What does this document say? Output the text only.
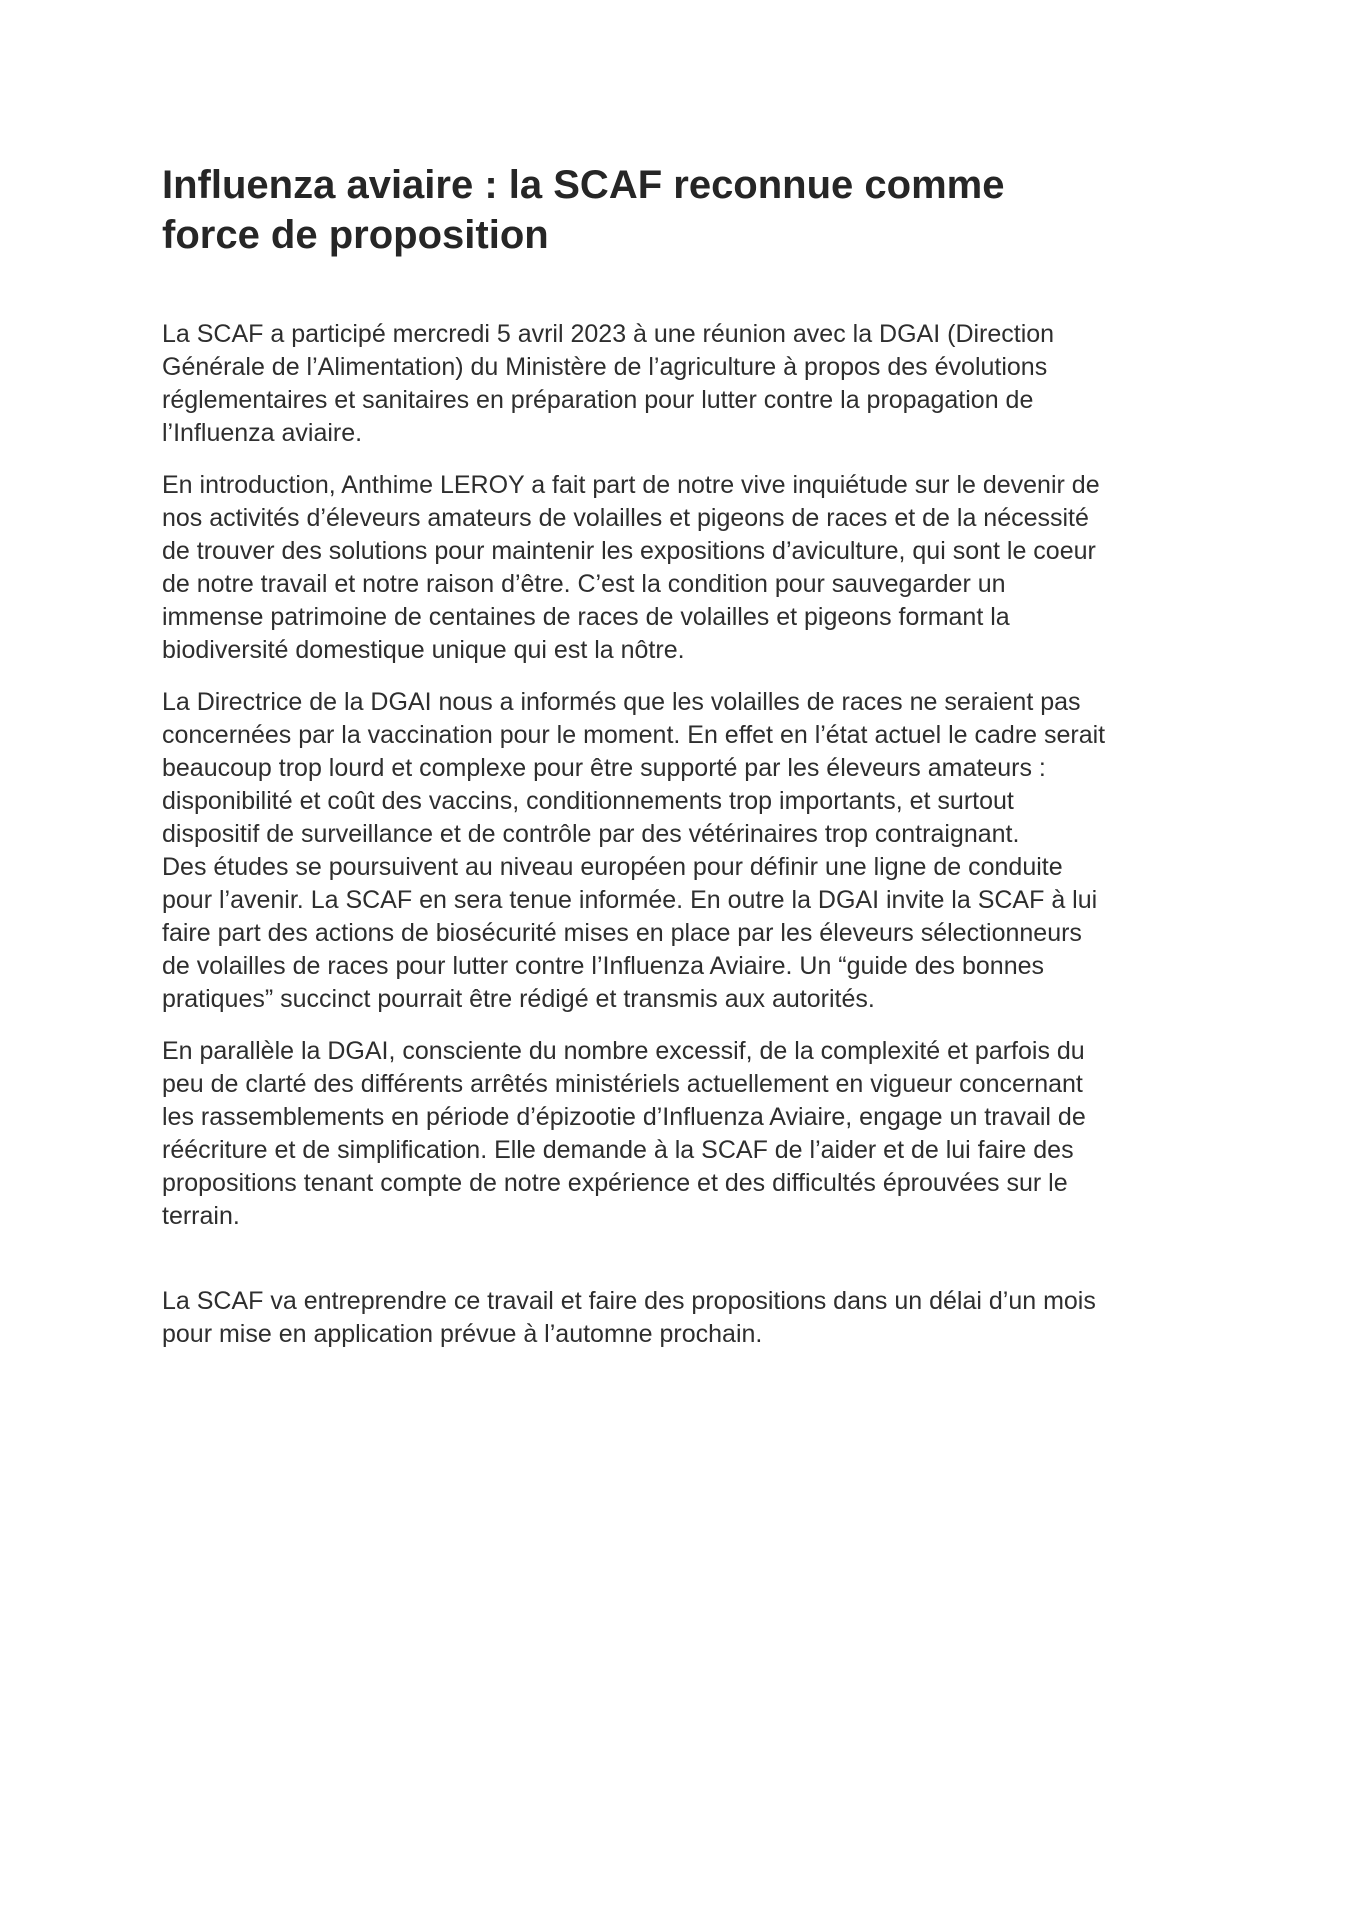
Influenza aviaire : la SCAF reconnue comme
force de proposition

La SCAF a participé mercredi 5 avril 2023 à une réunion avec la DGAI (Direction
Générale de l’Alimentation) du Ministère de l’agriculture à propos des évolutions
réglementaires et sanitaires en préparation pour lutter contre la propagation de
l’Influenza aviaire.

En introduction, Anthime LEROY a fait part de notre vive inquiétude sur le devenir de
nos activités d’éleveurs amateurs de volailles et pigeons de races et de la nécessité
de trouver des solutions pour maintenir les expositions d’aviculture, qui sont le coeur
de notre travail et notre raison d’être. C’est la condition pour sauvegarder un
immense patrimoine de centaines de races de volailles et pigeons formant la
biodiversité domestique unique qui est la nôtre.

La Directrice de la DGAI nous a informés que les volailles de races ne seraient pas
concernées par la vaccination pour le moment. En effet en l’état actuel le cadre serait
beaucoup trop lourd et complexe pour être supporté par les éleveurs amateurs :
disponibilité et coût des vaccins, conditionnements trop importants, et surtout
dispositif de surveillance et de contrôle par des vétérinaires trop contraignant.

Des études se poursuivent au niveau européen pour définir une ligne de conduite
pour l’avenir. La SCAF en sera tenue informée. En outre la DGAI invite la SCAF à lui
faire part des actions de biosécurité mises en place par les éleveurs sélectionneurs
de volailles de races pour lutter contre l’Influenza Aviaire. Un “guide des bonnes
pratiques” succinct pourrait être rédigé et transmis aux autorités.

En parallèle la DGAI, consciente du nombre excessif, de la complexité et parfois du
peu de clarté des différents arrêtés ministériels actuellement en vigueur concernant
les rassemblements en période d’épizootie d’Influenza Aviaire, engage un travail de
réécriture et de simplification. Elle demande à la SCAF de l’aider et de lui faire des
propositions tenant compte de notre expérience et des difficultés éprouvées sur le
terrain.

La SCAF va entreprendre ce travail et faire des propositions dans un délai d’un mois
pour mise en application prévue à l’automne prochain.
